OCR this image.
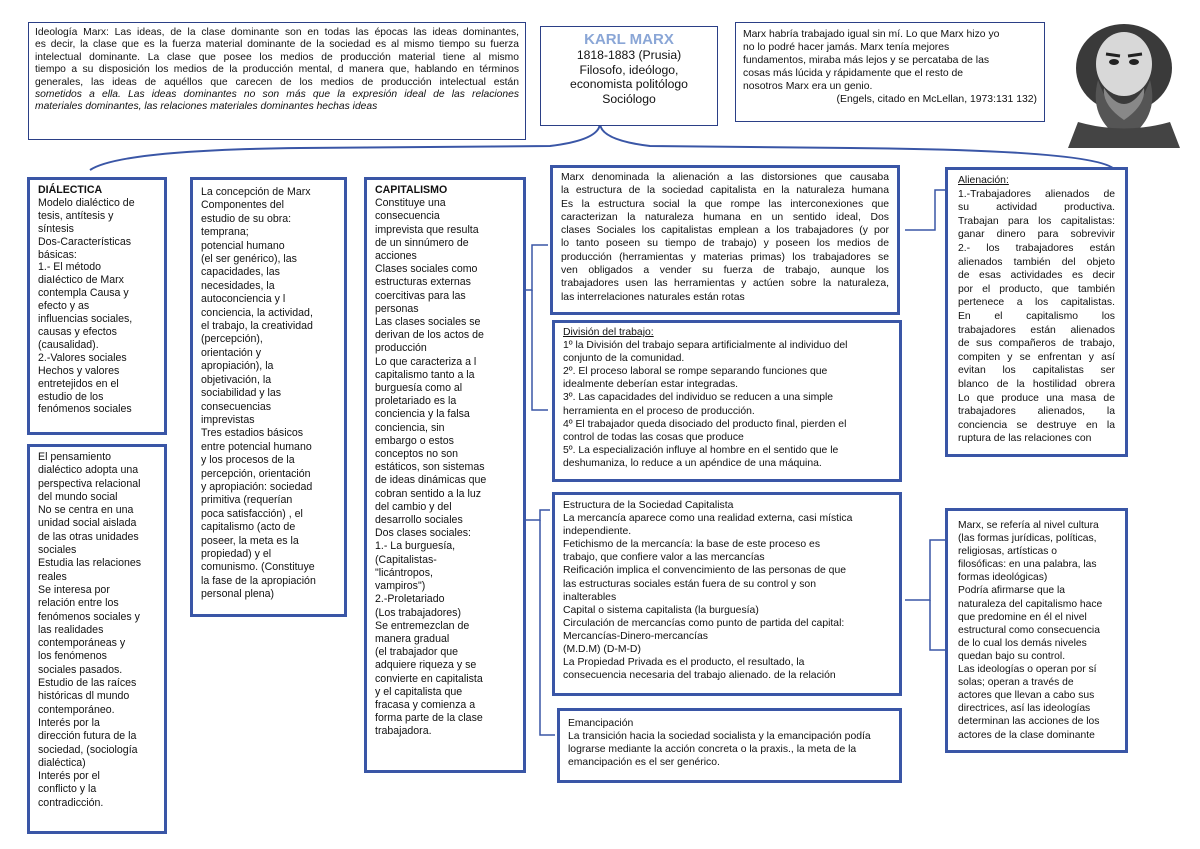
Ideología Marx: Las ideas, de la clase dominante son en todas las épocas las ideas dominantes,
es decir, la clase que es la fuerza material dominante de la sociedad es al mismo tiempo su fuerza
intelectual dominante. La clase que posee los medios de producción material tiene al mismo
tiempo a su disposición los medios de la producción mental, d manera que, hablando en términos
generales, las ideas de aquéllos que carecen de los medios de producción intelectual están
sometidos a ella. Las ideas dominantes no son más que la expresión ideal de las relaciones
materiales dominantes, las relaciones materiales dominantes hechas ideas
KARL MARX
1818-1883 (Prusia)
Filosofo, ideólogo,
economista politólogo
Sociólogo
Marx habría trabajado igual sin mí. Lo que Marx hizo yo
no lo podré hacer jamás. Marx tenía mejores
fundamentos, miraba más lejos y se percataba de las
cosas más lúcida y rápidamente que el resto de
nosotros Marx era un genio.
(Engels, citado en McLellan, 1973:131 132)
DIÁLECTICA
Modelo dialéctico de
tesis, antítesis y
síntesis
Dos-Características
básicas:
1.- El método
diaIéctico de Marx
contempla Causa y
efecto y as
influencias sociales,
causas y efectos
(causalidad).
2.-Valores sociales
Hechos y valores
entretejidos en el
estudio de los
fenómenos sociales
El pensamiento
dialéctico adopta una
perspectiva relacional
del mundo social
No se centra en una
unidad social aislada
de las otras unidades
sociales
Estudia las relaciones
reales
Se interesa por
relación entre los
fenómenos sociales y
las realidades
contemporáneas y
los fenómenos
sociales pasados.
Estudio de las raíces
históricas dl mundo
contemporáneo.
Interés por la
dirección futura de la
sociedad, (sociología
dialéctica)
Interés por el
conflicto y la
contradicción.
La concepción de Marx
Componentes del
estudio de su obra:
temprana;
potencial humano
(el ser genérico), las
capacidades, las
necesidades, la
autoconciencia y l
conciencia, la actividad,
el trabajo, la creatividad
(percepción),
orientación y
apropiación), la
objetivación, la
sociabilidad y las
consecuencias
imprevistas
Tres estadios básicos
entre potencial humano
y los procesos de la
percepción, orientación
y apropiación: sociedad
primitiva (requerían
poca satisfacción) , el
capitalismo (acto de
poseer, la meta es la
propiedad) y el
comunismo. (Constituye
la fase de la apropiación
personal plena)
CAPITALISMO
Constituye una
consecuencia
imprevista que resulta
de un sinnúmero de
acciones
Clases sociales como
estructuras externas
coercitivas para las
personas
Las clases sociales se
derivan de los actos de
producción
Lo que caracteriza a l
capitalismo tanto a la
burguesía como al
proletariado es la
conciencia y la falsa
conciencia, sin
embargo o estos
conceptos no son
estáticos, son sistemas
de ideas dinámicas que
cobran sentido a la luz
del cambio y del
desarrollo sociales
Dos clases sociales:
1.- La burguesía,
(Capitalistas-
"licántropos,
vampiros")
2.-Proletariado
(Los trabajadores)
Se entremezclan de
manera gradual
(el trabajador que
adquiere riqueza y se
convierte en capitalista
y el capitalista que
fracasa y comienza a
forma parte de la clase
trabajadora.
Marx denominada la alienación a las distorsiones que causaba
la estructura de la sociedad capitalista en la naturaleza humana
Es la estructura social la que rompe las interconexiones que
caracterizan la naturaleza humana en un sentido ideal, Dos
clases Sociales los capitalistas emplean a los trabajadores (y por
lo tanto poseen su tiempo de trabajo) y poseen los medios de
producción (herramientas y materias primas) los trabajadores se
ven obligados a vender su fuerza de trabajo, aunque los
trabajadores usen las herramientas y actúen sobre la naturaleza,
las interrelaciones naturales están rotas
División del trabajo:
1º la División del trabajo separa artificialmente al individuo del
conjunto de la comunidad.
2º. El proceso laboral se rompe separando funciones que
idealmente deberían estar integradas.
3º. Las capacidades del individuo se reducen a una simple
herramienta en el proceso de producción.
4º El trabajador queda disociado del producto final, pierden el
control de todas las cosas que produce
5º. La especialización influye al hombre en el sentido que le
deshumaniza, lo reduce a un apéndice de una máquina.
Estructura de la Sociedad Capitalista
La mercancía aparece como una realidad externa, casi mística
independiente.
Fetichismo de la mercancía: la base de este proceso es
trabajo, que confiere valor a las mercancías
Reificación implica el convencimiento de las personas de que
las estructuras sociales están fuera de su control y son
inalterables
Capital o sistema capitalista (la burguesía)
Circulación de mercancías como punto de partida del capital:
Mercancías-Dinero-mercancías
(M.D.M) (D-M-D)
La Propiedad Privada es el producto, el resultado, la
consecuencia necesaria del trabajo alienado. de la relación
Emancipación
La transición hacia la sociedad socialista y la emancipación podía
lograrse mediante la acción concreta o la praxis., la meta de la
emancipación es el ser genérico.
Alienación:
1.-Trabajadores alienados de
su actividad productiva.
Trabajan para los capitalistas:
ganar dinero para sobrevivir
2.- los trabajadores están
alienados también del objeto
de esas actividades es decir
por el producto, que también
pertenece a los capitalistas.
En el capitalismo los
trabajadores están alienados
de sus compañeros de trabajo,
compiten y se enfrentan y así
evitan los capitalistas ser
blanco de la hostilidad obrera
Lo que produce una masa de
trabajadores alienados, la
conciencia se destruye en la
ruptura de las relaciones con
Marx, se refería al nivel cultura
(las formas jurídicas, políticas,
religiosas, artísticas o
filosóficas: en una palabra, las
formas ideológicas)
Podría afirmarse que la
naturaleza del capitalismo hace
que predomine en él el nivel
estructural como consecuencia
de lo cual los demás niveles
quedan bajo su control.
Las ideologías o operan por sí
solas; operan a través de
actores que llevan a cabo sus
directrices, así las ideologías
determinan las acciones de los
actores de la clase dominante
